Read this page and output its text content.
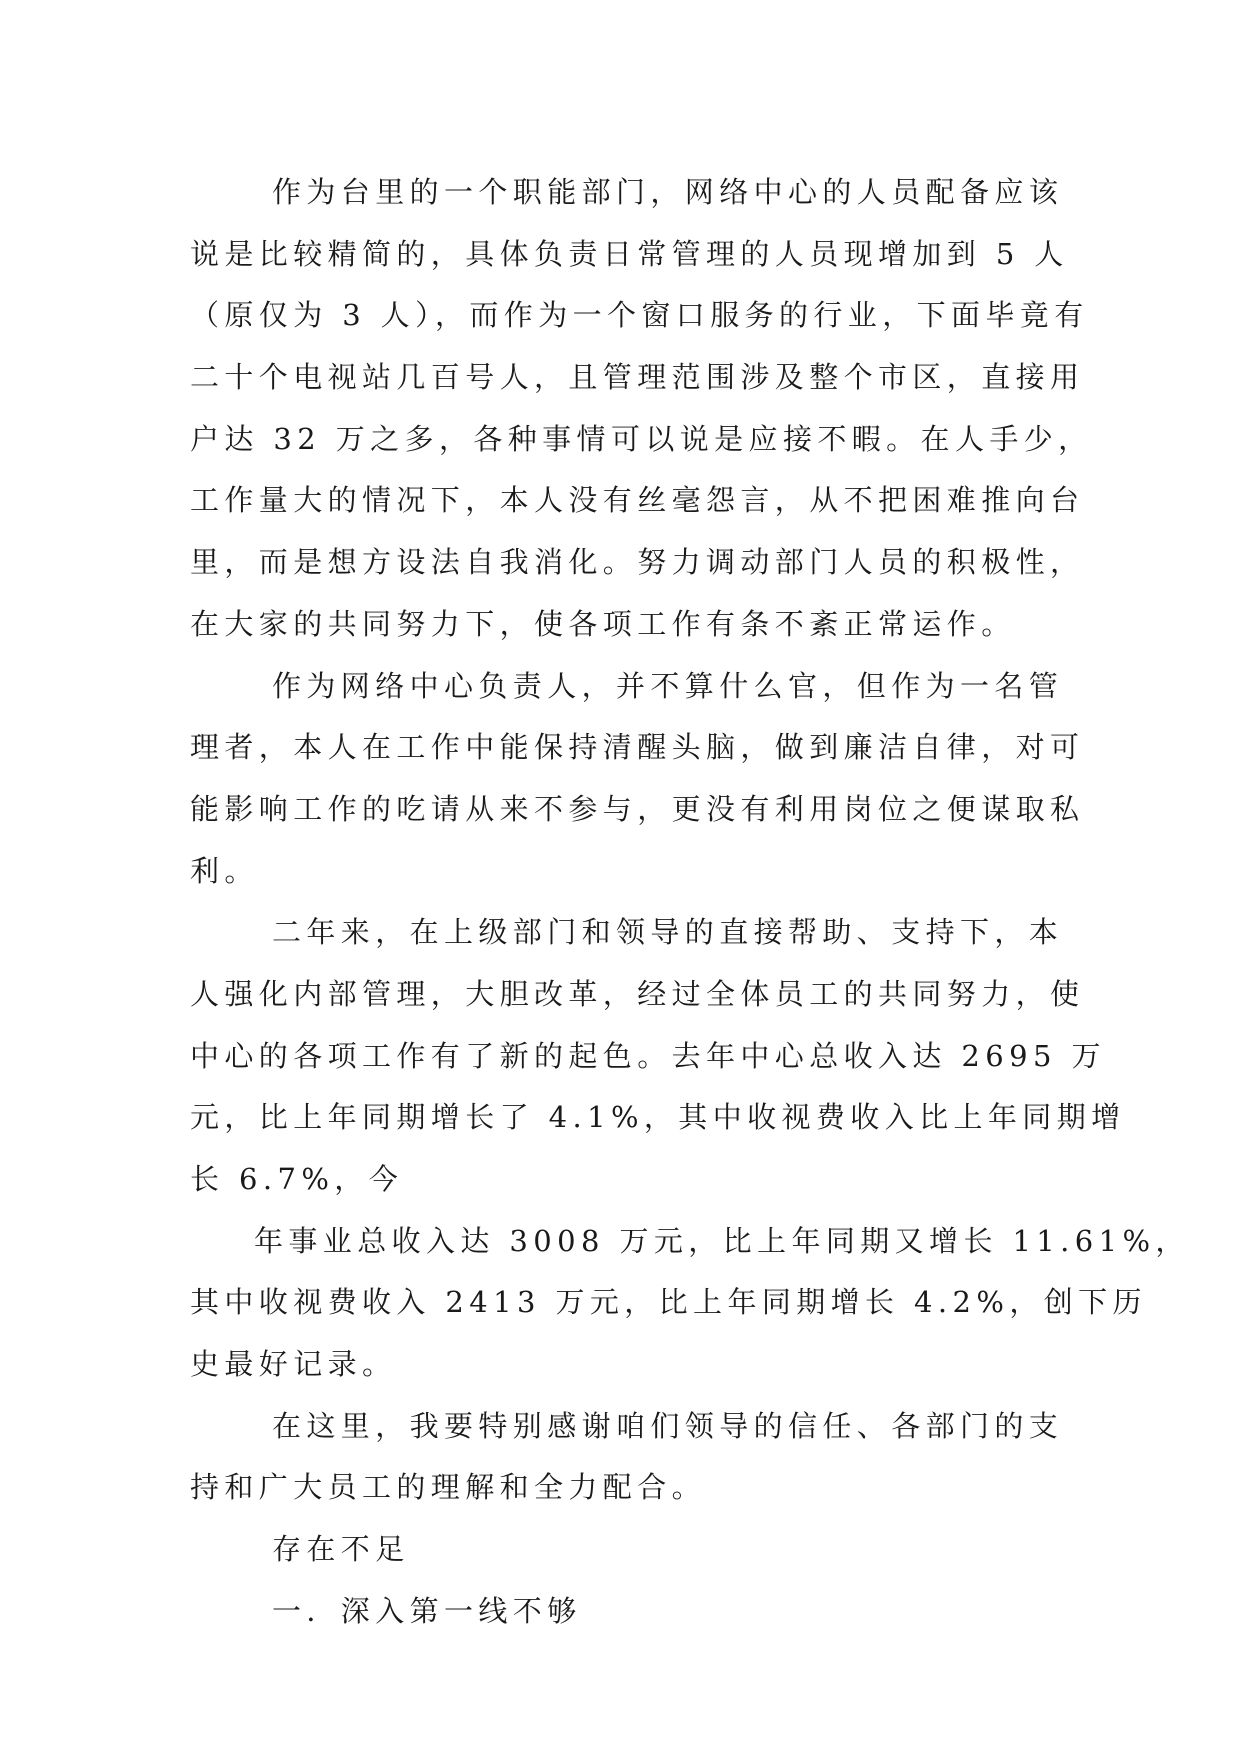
作为台里的一个职能部门，网络中心的人员配备应该
说是比较精简的，具体负责日常管理的人员现增加到 5 人
（原仅为 3 人），而作为一个窗口服务的行业，下面毕竟有
二十个电视站几百号人，且管理范围涉及整个市区，直接用
户达 32 万之多，各种事情可以说是应接不暇。在人手少，
工作量大的情况下，本人没有丝毫怨言，从不把困难推向台
里，而是想方设法自我消化。努力调动部门人员的积极性，
在大家的共同努力下，使各项工作有条不紊正常运作。
作为网络中心负责人，并不算什么官，但作为一名管
理者，本人在工作中能保持清醒头脑，做到廉洁自律，对可
能影响工作的吃请从来不参与，更没有利用岗位之便谋取私
利。
二年来，在上级部门和领导的直接帮助、支持下，本
人强化内部管理，大胆改革，经过全体员工的共同努力，使
中心的各项工作有了新的起色。去年中心总收入达 2695 万
元，比上年同期增长了 4.1%，其中收视费收入比上年同期增
长 6.7%，今
年事业总收入达 3008 万元，比上年同期又增长 11.61%，
其中收视费收入 2413 万元，比上年同期增长 4.2%，创下历
史最好记录。
在这里，我要特别感谢咱们领导的信任、各部门的支
持和广大员工的理解和全力配合。
存在不足
一．深入第一线不够
